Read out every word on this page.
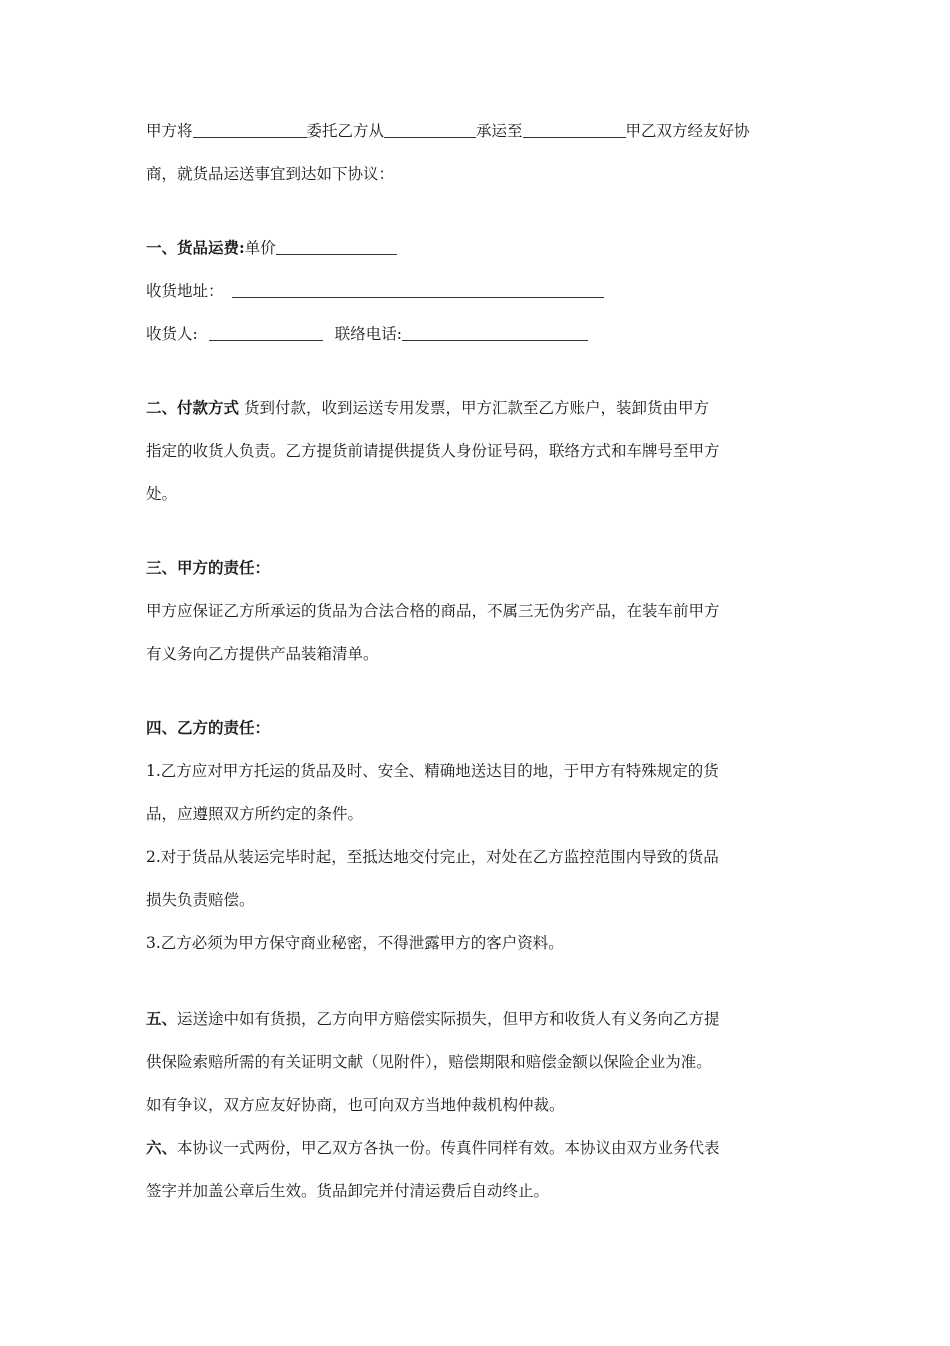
甲方将	委托乙方从	承运至	甲乙双方经友好协
商，就货品运送事宜到达如下协议：
一、货品运费:单价
收货地址：
收货人:	联络电话:
二、付款方式 货到付款，收到运送专用发票，甲方汇款至乙方账户，装卸货由甲方
指定的收货人负责。乙方提货前请提供提货人身份证号码，联络方式和车牌号至甲方
处。
三、甲方的责任：
甲方应保证乙方所承运的货品为合法合格的商品，不属三无伪劣产品，在装车前甲方
有义务向乙方提供产品装箱清单。
四、乙方的责任：
1.乙方应对甲方托运的货品及时、安全、精确地送达目的地，于甲方有特殊规定的货
品，应遵照双方所约定的条件。
2.对于货品从装运完毕时起，至抵达地交付完止，对处在乙方监控范围内导致的货品
损失负责赔偿。
3.乙方必须为甲方保守商业秘密，不得泄露甲方的客户资料。
五、运送途中如有货损，乙方向甲方赔偿实际损失，但甲方和收货人有义务向乙方提
供保险索赔所需的有关证明文献（见附件），赔偿期限和赔偿金额以保险企业为准。
如有争议，双方应友好协商，也可向双方当地仲裁机构仲裁。
六、本协议一式两份，甲乙双方各执一份。传真件同样有效。本协议由双方业务代表
签字并加盖公章后生效。货品卸完并付清运费后自动终止。
